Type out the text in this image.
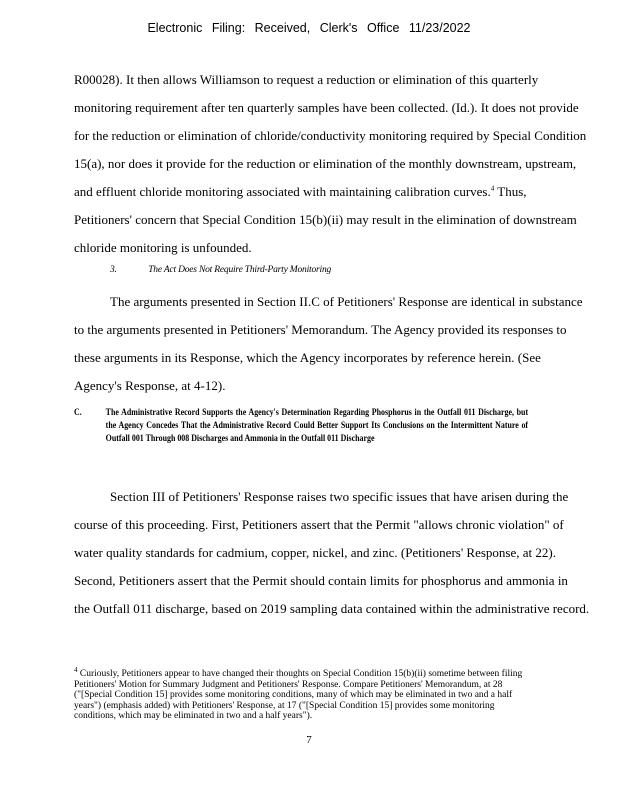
Electronic Filing: Received, Clerk's Office 11/23/2022
R00028). It then allows Williamson to request a reduction or elimination of this quarterly
monitoring requirement after ten quarterly samples have been collected. (Id.). It does not provide
for the reduction or elimination of chloride/conductivity monitoring required by Special Condition
15(a), nor does it provide for the reduction or elimination of the monthly downstream, upstream,
and effluent chloride monitoring associated with maintaining calibration curves.$^4$ Thus,
Petitioners' concern that Special Condition 15(b)(ii) may result in the elimination of downstream
chloride monitoring is unfounded.
3.	The Act Does Not Require Third-Party Monitoring
The arguments presented in Section II.C of Petitioners' Response are identical in substance
to the arguments presented in Petitioners' Memorandum. The Agency provided its responses to
these arguments in its Response, which the Agency incorporates by reference herein. (See
Agency's Response, at 4-12).
C.	The Administrative Record Supports the Agency's Determination Regarding Phosphorus in the Outfall 011 Discharge, but the Agency Concedes That the Administrative Record Could Better Support Its Conclusions on the Intermittent Nature of Outfall 001 Through 008 Discharges and Ammonia in the Outfall 011 Discharge
Section III of Petitioners' Response raises two specific issues that have arisen during the
course of this proceeding. First, Petitioners assert that the Permit "allows chronic violation" of
water quality standards for cadmium, copper, nickel, and zinc. (Petitioners' Response, at 22).
Second, Petitioners assert that the Permit should contain limits for phosphorus and ammonia in
the Outfall 011 discharge, based on 2019 sampling data contained within the administrative record.
$^4$ Curiously, Petitioners appear to have changed their thoughts on Special Condition 15(b)(ii) sometime between filing
Petitioners' Motion for Summary Judgment and Petitioners' Response. Compare Petitioners' Memorandum, at 28
("[Special Condition 15] provides some monitoring conditions, many of which may be eliminated in two and a half
years") (emphasis added) with Petitioners' Response, at 17 ("[Special Condition 15] provides some monitoring
conditions, which may be eliminated in two and a half years").
7
